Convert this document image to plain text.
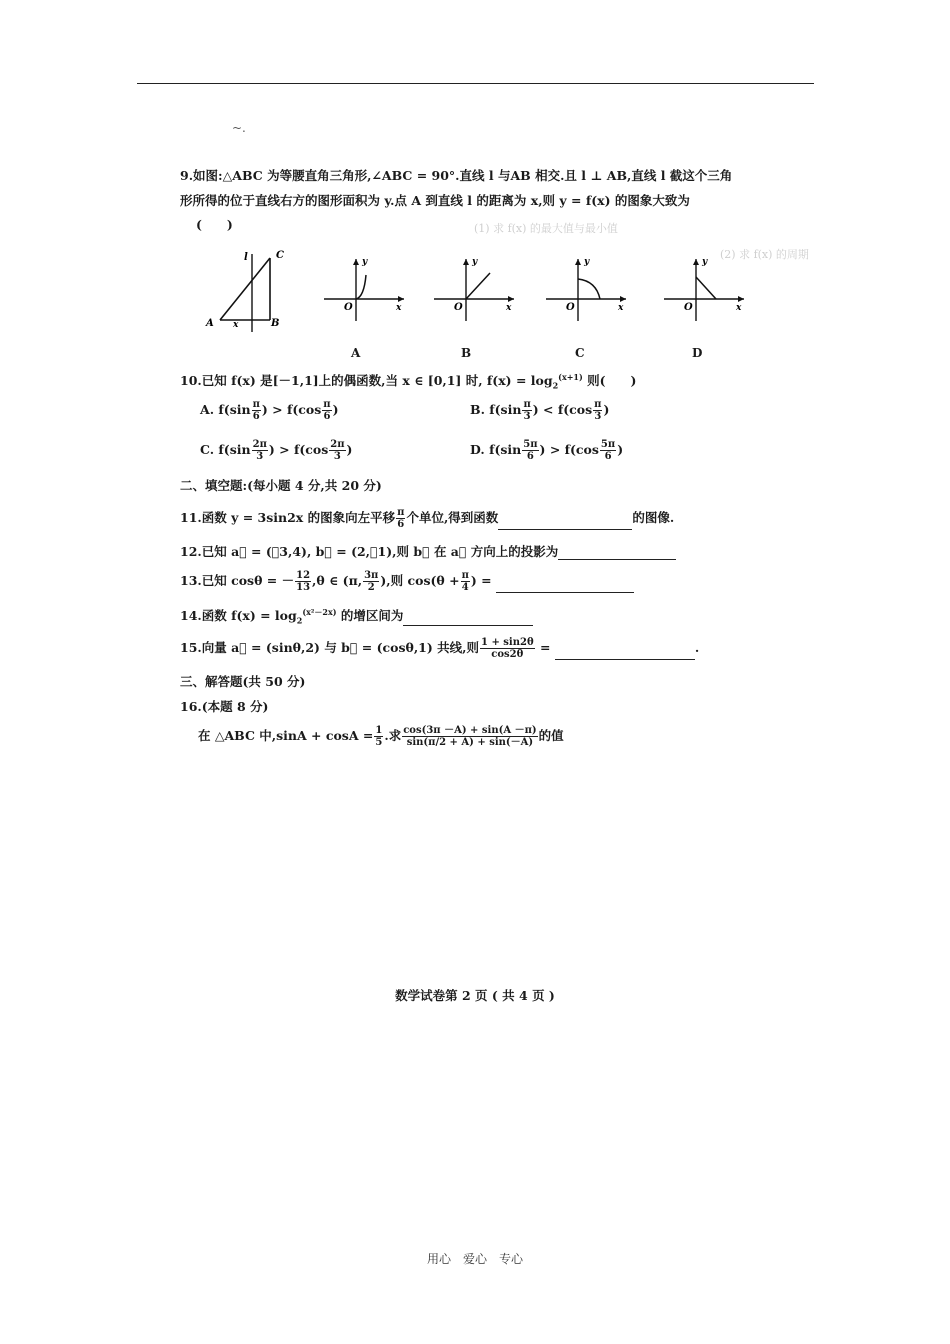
~.
(1) 求 f(x) 的最大值与最小值
(2) 求 f(x) 的周期
9.如图:△ABC 为等腰直角三角形,∠ABC = 90°.直线 l 与AB 相交.且 l ⊥ AB,直线 l 截这个三角
形所得的位于直线右方的图形面积为 y.点 A 到直线 l 的距离为 x,则 y = f(x) 的图象大致为
(　　)
l	C
A x	B
y
O	x
A
y
O	x
B
y
O	x
C
y
O	x
D
10.已知 f(x) 是[－1,1]上的偶函数,当 x ∈ [0,1] 时, $f(x) = \log_2^{(x+1)}$ 则(　　)
A. $f(\sin \frac{\pi}{6}$ ) > $f(\cos \frac{\pi}{6}$ )	B. $f(\sin \frac{\pi}{3}$ ) < $f(\cos \frac{\pi}{3}$ )
C. $f(\sin \frac{2\pi}{3}$ ) > $f(\cos \frac{2\pi}{3}$ )	D. $f(\sin \frac{5\pi}{6}$ ) > $f(\cos \frac{5\pi}{6}$ )
二、填空题:(每小题 4 分,共 20 分)
11.函数 y = 3sin2x 的图象向左平移 $\frac{\pi}{6}$ 个单位,得到函数	的图像.
12.已知 a⃗ = (－3,4), b⃗ = (2,－1),则 b⃗ 在 a⃗ 方向上的投影为
13.已知 cosθ = － $\frac{12}{13} ,\theta$ ∈ (π, $\frac{3\pi}{2}$ ),则 $\cos(\theta + \frac{\pi}{4}$ ) =
14.函数 $f(x) = \log_2^{(x^2-2x)}$ 的增区间为
15.向量 a⃗ = (sinθ,2) 与 b⃗ = (cosθ,1) 共线,则 $\frac{1 + \sin 2\theta}{\cos 2\theta}$ =	.
三、解答题(共 50 分)
16.(本题 8 分)
在 △ABC 中$,\sin A + \cos A = \frac{1}{5}$ .求 $\frac{\cos(3\pi -A) + \sin(A -\pi)}{\sin(\pi/2 + A) + \sin(-A)}$ 的值
数学试卷第 2 页 ( 共 4 页 )
用心　爱心　专心
